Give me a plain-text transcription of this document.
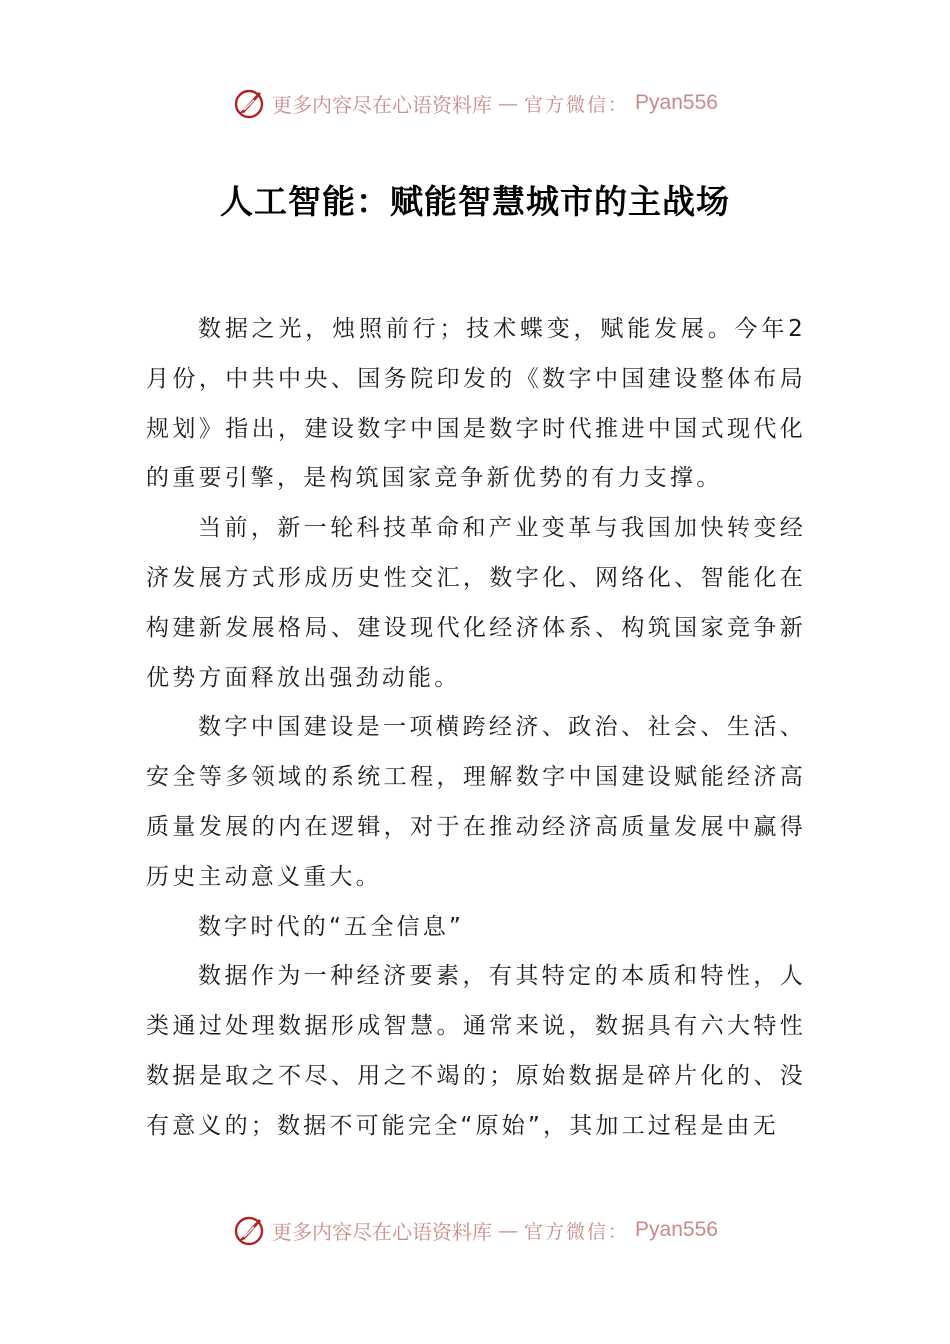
更多内容尽在心语资料库 — 官方微信： Pyan556
人工智能：赋能智慧城市的主战场

数据之光，烛照前行；技术蝶变，赋能发展。今年2月份，中共中央、国务院印发的《数字中国建设整体布局规划》指出，建设数字中国是数字时代推进中国式现代化的重要引擎，是构筑国家竞争新优势的有力支撑。

当前，新一轮科技革命和产业变革与我国加快转变经济发展方式形成历史性交汇，数字化、网络化、智能化在构建新发展格局、建设现代化经济体系、构筑国家竞争新优势方面释放出强劲动能。

数字中国建设是一项横跨经济、政治、社会、生活、安全等多领域的系统工程，理解数字中国建设赋能经济高质量发展的内在逻辑，对于在推动经济高质量发展中赢得历史主动意义重大。

数字时代的“五全信息”

数据作为一种经济要素，有其特定的本质和特性，人类通过处理数据形成智慧。通常来说，数据具有六大特性数据是取之不尽、用之不竭的；原始数据是碎片化的、没有意义的；数据不可能完全“原始”，其加工过程是由无

更多内容尽在心语资料库 — 官方微信： Pyan556
